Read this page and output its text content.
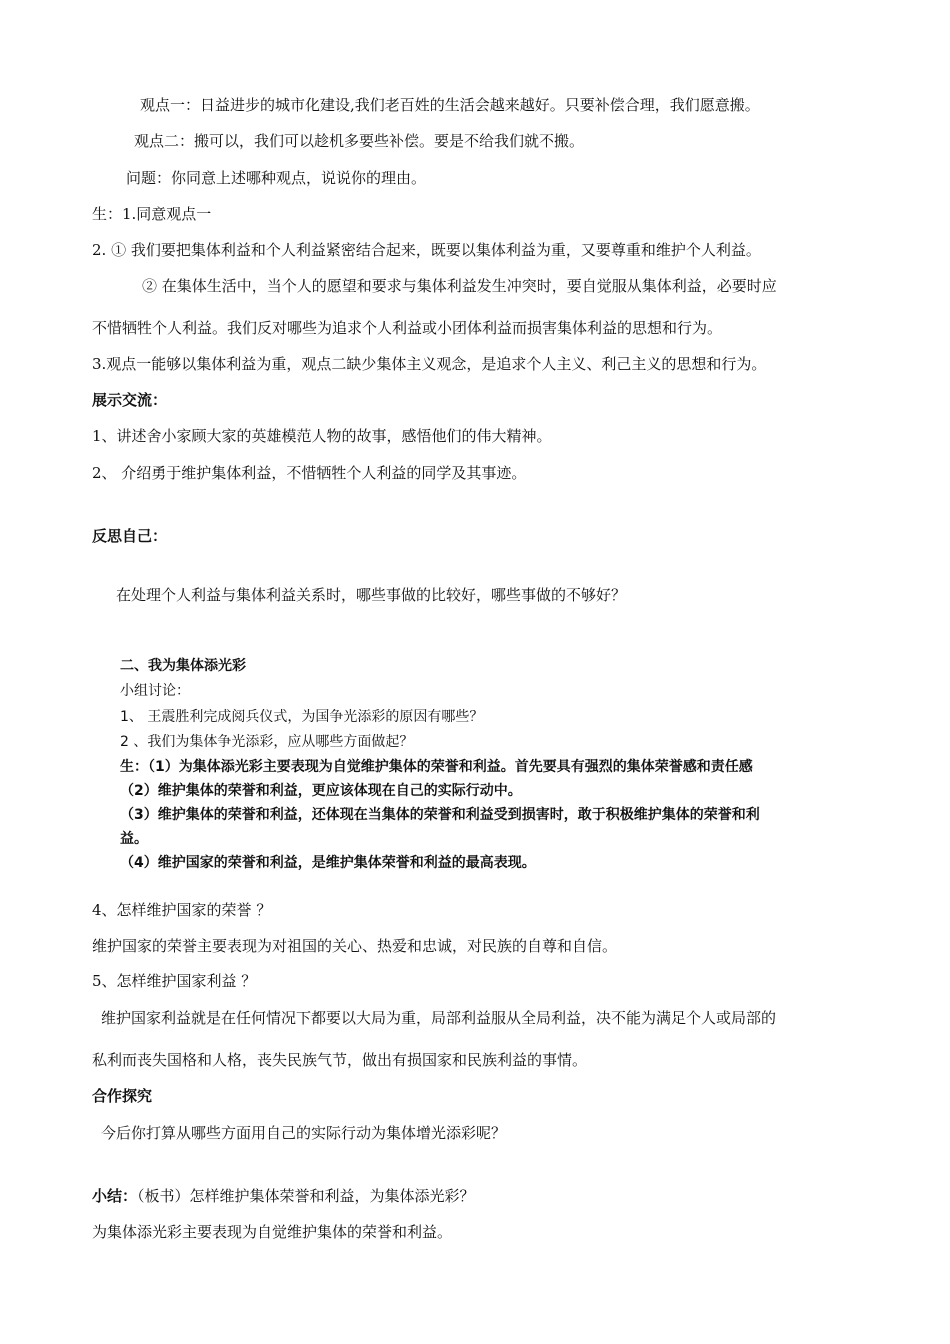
观点一：日益进步的城市化建设,我们老百姓的生活会越来越好。只要补偿合理，我们愿意搬。
观点二：搬可以，我们可以趁机多要些补偿。要是不给我们就不搬。
问题：你同意上述哪种观点，说说你的理由。
生：1.同意观点一
2. ① 我们要把集体利益和个人利益紧密结合起来，既要以集体利益为重，又要尊重和维护个人利益。
② 在集体生活中，当个人的愿望和要求与集体利益发生冲突时，要自觉服从集体利益，必要时应
不惜牺牲个人利益。我们反对哪些为追求个人利益或小团体利益而损害集体利益的思想和行为。
3.观点一能够以集体利益为重，观点二缺少集体主义观念，是追求个人主义、利己主义的思想和行为。
展示交流：
1、讲述舍小家顾大家的英雄模范人物的故事，感悟他们的伟大精神。
2、 介绍勇于维护集体利益，不惜牺牲个人利益的同学及其事迹。
反思自己：
在处理个人利益与集体利益关系时，哪些事做的比较好，哪些事做的不够好？
二、我为集体添光彩
小组讨论：
1、 王震胜利完成阅兵仪式，为国争光添彩的原因有哪些？
2 、我们为集体争光添彩，应从哪些方面做起？
生：（1）为集体添光彩主要表现为自觉维护集体的荣誉和利益。首先要具有强烈的集体荣誉感和责任感
（2）维护集体的荣誉和利益，更应该体现在自己的实际行动中。
（3）维护集体的荣誉和利益，还体现在当集体的荣誉和利益受到损害时，敢于积极维护集体的荣誉和利
益。
（4）维护国家的荣誉和利益，是维护集体荣誉和利益的最高表现。
4、怎样维护国家的荣誉 ？
维护国家的荣誉主要表现为对祖国的关心、热爱和忠诚，对民族的自尊和自信。
5、怎样维护国家利益 ？
维护国家利益就是在任何情况下都要以大局为重，局部利益服从全局利益，决不能为满足个人或局部的
私利而丧失国格和人格，丧失民族气节，做出有损国家和民族利益的事情。
合作探究
今后你打算从哪些方面用自己的实际行动为集体增光添彩呢？
小结：（板书）怎样维护集体荣誉和利益，为集体添光彩？
为集体添光彩主要表现为自觉维护集体的荣誉和利益。
